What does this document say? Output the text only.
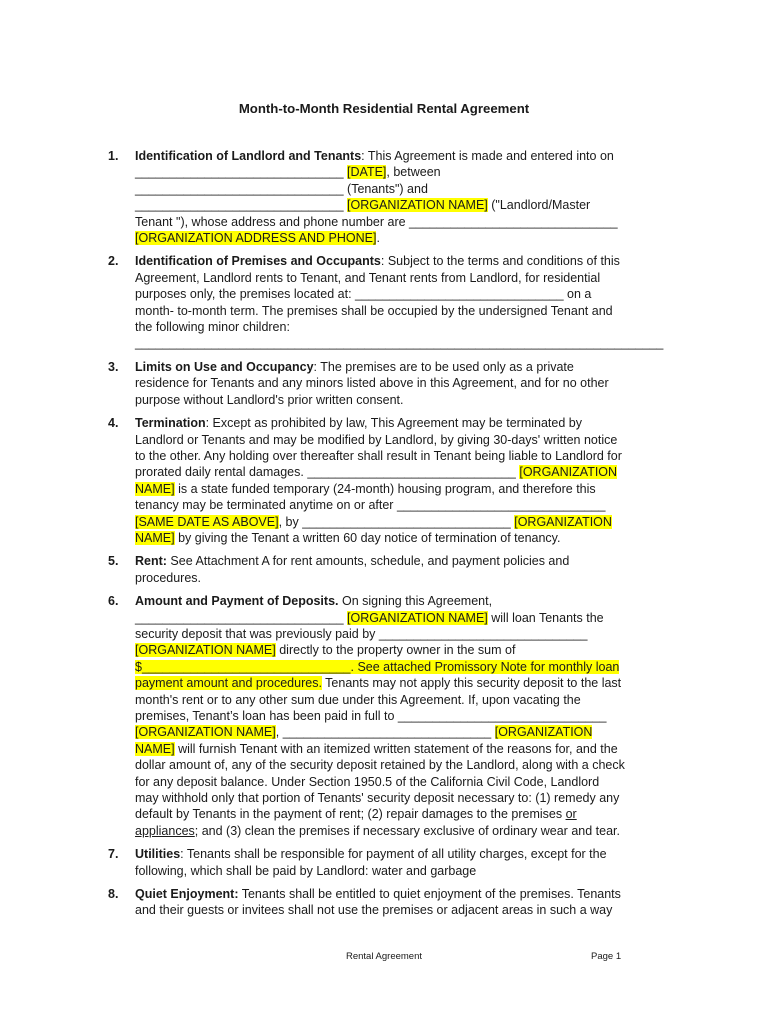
Month-to-Month Residential Rental Agreement
1. Identification of Landlord and Tenants: This Agreement is made and entered into on
______________________________ [DATE], between
______________________________ (Tenants") and
______________________________ [ORGANIZATION NAME] ("Landlord/Master
Tenant "), whose address and phone number are ______________________________
[ORGANIZATION ADDRESS AND PHONE].
2. Identification of Premises and Occupants: Subject to the terms and conditions of this
Agreement, Landlord rents to Tenant, and Tenant rents from Landlord, for residential
purposes only, the premises located at: ______________________________ on a
month- to-month term. The premises shall be occupied by the undersigned Tenant and
the following minor children:
____________________________________________________________________________
3. Limits on Use and Occupancy: The premises are to be used only as a private
residence for Tenants and any minors listed above in this Agreement, and for no other
purpose without Landlord's prior written consent.
4. Termination: Except as prohibited by law, This Agreement may be terminated by
Landlord or Tenants and may be modified by Landlord, by giving 30-days' written notice
to the other. Any holding over thereafter shall result in Tenant being liable to Landlord for
prorated daily rental damages. ______________________________ [ORGANIZATION
NAME] is a state funded temporary (24-month) housing program, and therefore this
tenancy may be terminated anytime on or after ______________________________
[SAME DATE AS ABOVE], by ______________________________ [ORGANIZATION
NAME] by giving the Tenant a written 60 day notice of termination of tenancy.
5. Rent: See Attachment A for rent amounts, schedule, and payment policies and
procedures.
6. Amount and Payment of Deposits. On signing this Agreement,
______________________________ [ORGANIZATION NAME] will loan Tenants the
security deposit that was previously paid by ______________________________
[ORGANIZATION NAME] directly to the property owner in the sum of
$______________________________. See attached Promissory Note for monthly loan
payment amount and procedures. Tenants may not apply this security deposit to the last
month's rent or to any other sum due under this Agreement. If, upon vacating the
premises, Tenant’s loan has been paid in full to ______________________________
[ORGANIZATION NAME], ______________________________ [ORGANIZATION
NAME] will furnish Tenant with an itemized written statement of the reasons for, and the
dollar amount of, any of the security deposit retained by the Landlord, along with a check
for any deposit balance. Under Section 1950.5 of the California Civil Code, Landlord
may withhold only that portion of Tenants' security deposit necessary to: (1) remedy any
default by Tenants in the payment of rent; (2) repair damages to the premises or
appliances; and (3) clean the premises if necessary exclusive of ordinary wear and tear.
7. Utilities: Tenants shall be responsible for payment of all utility charges, except for the
following, which shall be paid by Landlord: water and garbage
8. Quiet Enjoyment: Tenants shall be entitled to quiet enjoyment of the premises. Tenants
and their guests or invitees shall not use the premises or adjacent areas in such a way
Rental Agreement	Page 1
